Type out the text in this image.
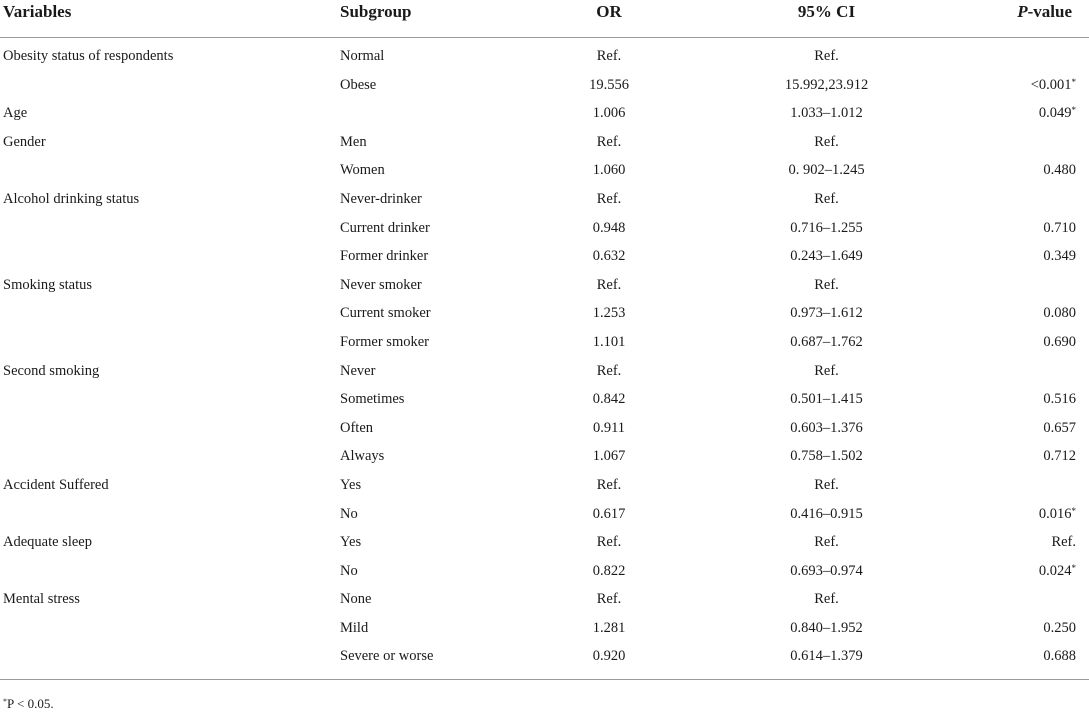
Variables	Subgroup	OR	95% CI	P-value
Obesity status of respondents	Normal	Ref.	Ref.	
	Obese	19.556	15.992,23.912	<0.001*
Age		1.006	1.033–1.012	0.049*
Gender	Men	Ref.	Ref.	
	Women	1.060	0. 902–1.245	0.480
Alcohol drinking status	Never-drinker	Ref.	Ref.	
	Current drinker	0.948	0.716–1.255	0.710
	Former drinker	0.632	0.243–1.649	0.349
Smoking status	Never smoker	Ref.	Ref.	
	Current smoker	1.253	0.973–1.612	0.080
	Former smoker	1.101	0.687–1.762	0.690
Second smoking	Never	Ref.	Ref.	
	Sometimes	0.842	0.501–1.415	0.516
	Often	0.911	0.603–1.376	0.657
	Always	1.067	0.758–1.502	0.712
Accident Suffered	Yes	Ref.	Ref.	
	No	0.617	0.416–0.915	0.016*
Adequate sleep	Yes	Ref.	Ref.	Ref.
	No	0.822	0.693–0.974	0.024*
Mental stress	None	Ref.	Ref.	
	Mild	1.281	0.840–1.952	0.250
	Severe or worse	0.920	0.614–1.379	0.688

*P < 0.05.
